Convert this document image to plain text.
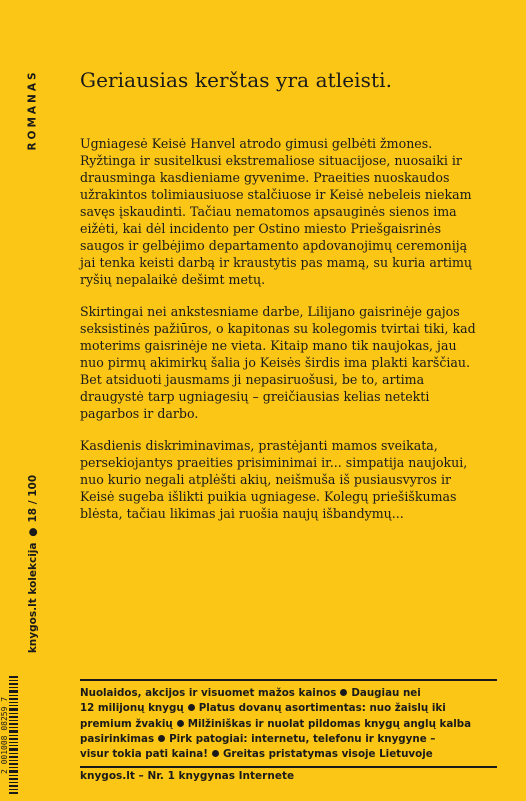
ROMANAS
knygos.lt kolekcija
18 / 100
Geriausias kerštas yra atleisti.

Ugniagesė Keisė Hanvel atrodo gimusi gelbėti žmones. Ryžtinga ir susitelkusi ekstremaliose situacijose, nuosaiki ir drausminga kasdieniame gyvenime. Praeities nuoskaudos užrakintos tolimiausiuose stalčiuose ir Keisė nebeleis niekam savęs įskaudinti. Tačiau nematomos apsauginės sienos ima eižėti, kai dėl incidento per Ostino miesto Priešgaisrinės saugos ir gelbėjimo departamento apdovanojimų ceremoniją jai tenka keisti darbą ir kraustytis pas mamą, su kuria artimų ryšių nepalaikė dešimt metų.

Skirtingai nei ankstesniame darbe, Lilijano gaisrinėje gajos seksistinės pažiūros, o kapitonas su kolegomis tvirtai tiki, kad moterims gaisrinėje ne vieta. Kitaip mano tik naujokas, jau nuo pirmų akimirkų šalia jo Keisės širdis ima plakti karščiau. Bet atsiduoti jausmams ji nepasiruošusi, be to, artima draugystė tarp ugniagesių – greičiausias kelias netekti pagarbos ir darbo.

Kasdienis diskriminavimas, prastėjanti mamos sveikata, persekiojantys praeities prisiminimai ir... simpatija naujokui, nuo kurio negali atplėšti akių, neišmuša iš pusiausvyros ir Keisė sugeba išlikti puikia ugniagese. Kolegų priešiškumas blėsta, tačiau likimas jai ruošia naujų išbandymų...

2 001008 08259 7
Nuolaidos, akcijos ir visuomet mažos kainos Daugiau nei
12 milijonų knygų Platus dovanų asortimentas: nuo žaislų iki
premium žvakių Milžiniškas ir nuolat pildomas knygų anglų kalba
pasirinkimas Pirk patogiai: internetu, telefonu ir knygyne –
visur tokia pati kaina! Greitas pristatymas visoje Lietuvoje
knygos.lt – Nr. 1 knygynas Internete
